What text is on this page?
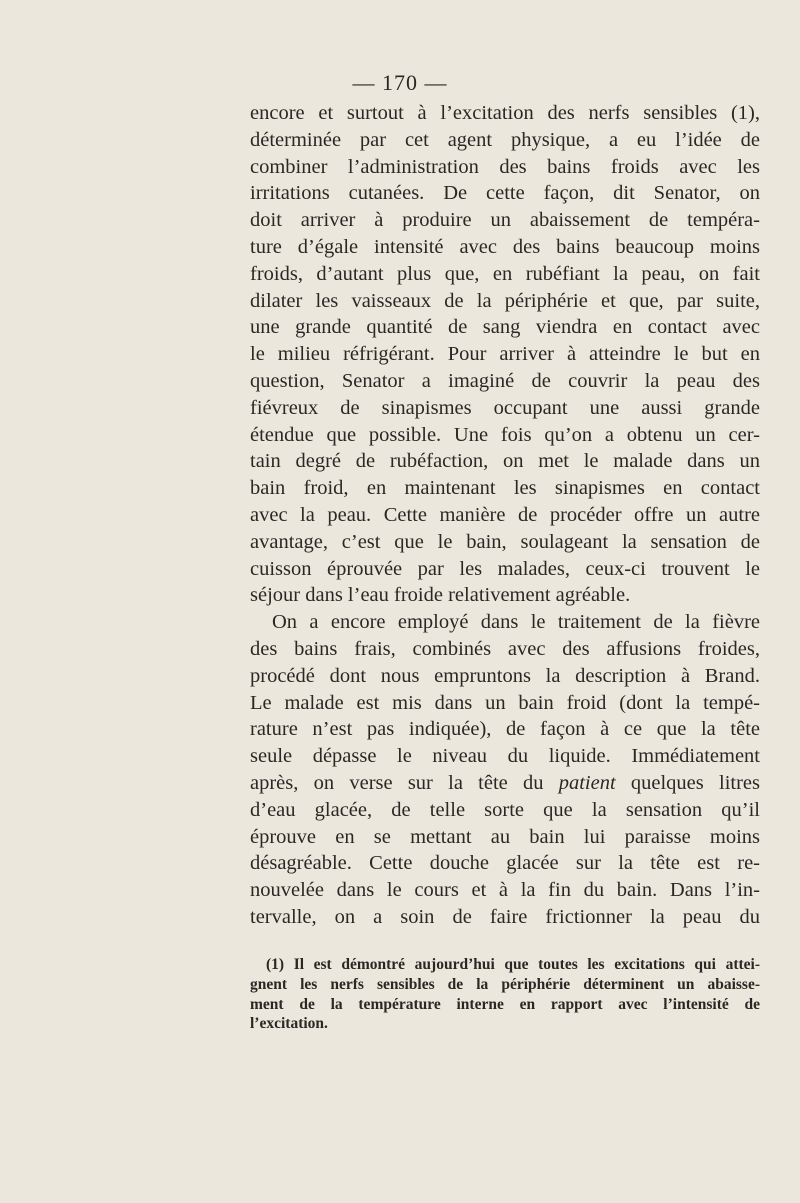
— 170 —

encore et surtout à l’excitation des nerfs sensibles (1),

déterminée par cet agent physique, a eu l’idée de

combiner l’administration des bains froids avec les

irritations cutanées. De cette façon, dit Senator, on

doit arriver à produire un abaissement de tempéra-

ture d’égale intensité avec des bains beaucoup moins

froids, d’autant plus que, en rubéfiant la peau, on fait

dilater les vaisseaux de la périphérie et que, par suite,

une grande quantité de sang viendra en contact avec

le milieu réfrigérant. Pour arriver à atteindre le but en

question, Senator a imaginé de couvrir la peau des

fiévreux de sinapismes occupant une aussi grande

étendue que possible. Une fois qu’on a obtenu un cer-

tain degré de rubéfaction, on met le malade dans un

bain froid, en maintenant les sinapismes en contact

avec la peau. Cette manière de procéder offre un autre

avantage, c’est que le bain, soulageant la sensation de

cuisson éprouvée par les malades, ceux-ci trouvent le

séjour dans l’eau froide relativement agréable.

On a encore employé dans le traitement de la fièvre

des bains frais, combinés avec des affusions froides,

procédé dont nous empruntons la description à Brand.

Le malade est mis dans un bain froid (dont la tempé-

rature n’est pas indiquée), de façon à ce que la tête

seule dépasse le niveau du liquide. Immédiatement

après, on verse sur la tête du patient quelques litres

d’eau glacée, de telle sorte que la sensation qu’il

éprouve en se mettant au bain lui paraisse moins

désagréable. Cette douche glacée sur la tête est re-

nouvelée dans le cours et à la fin du bain. Dans l’in-

tervalle, on a soin de faire frictionner la peau du

(1) Il est démontré aujourd’hui que toutes les excitations qui attei-

gnent les nerfs sensibles de la périphérie déterminent un abaisse-

ment de la température interne en rapport avec l’intensité de

l’excitation.
